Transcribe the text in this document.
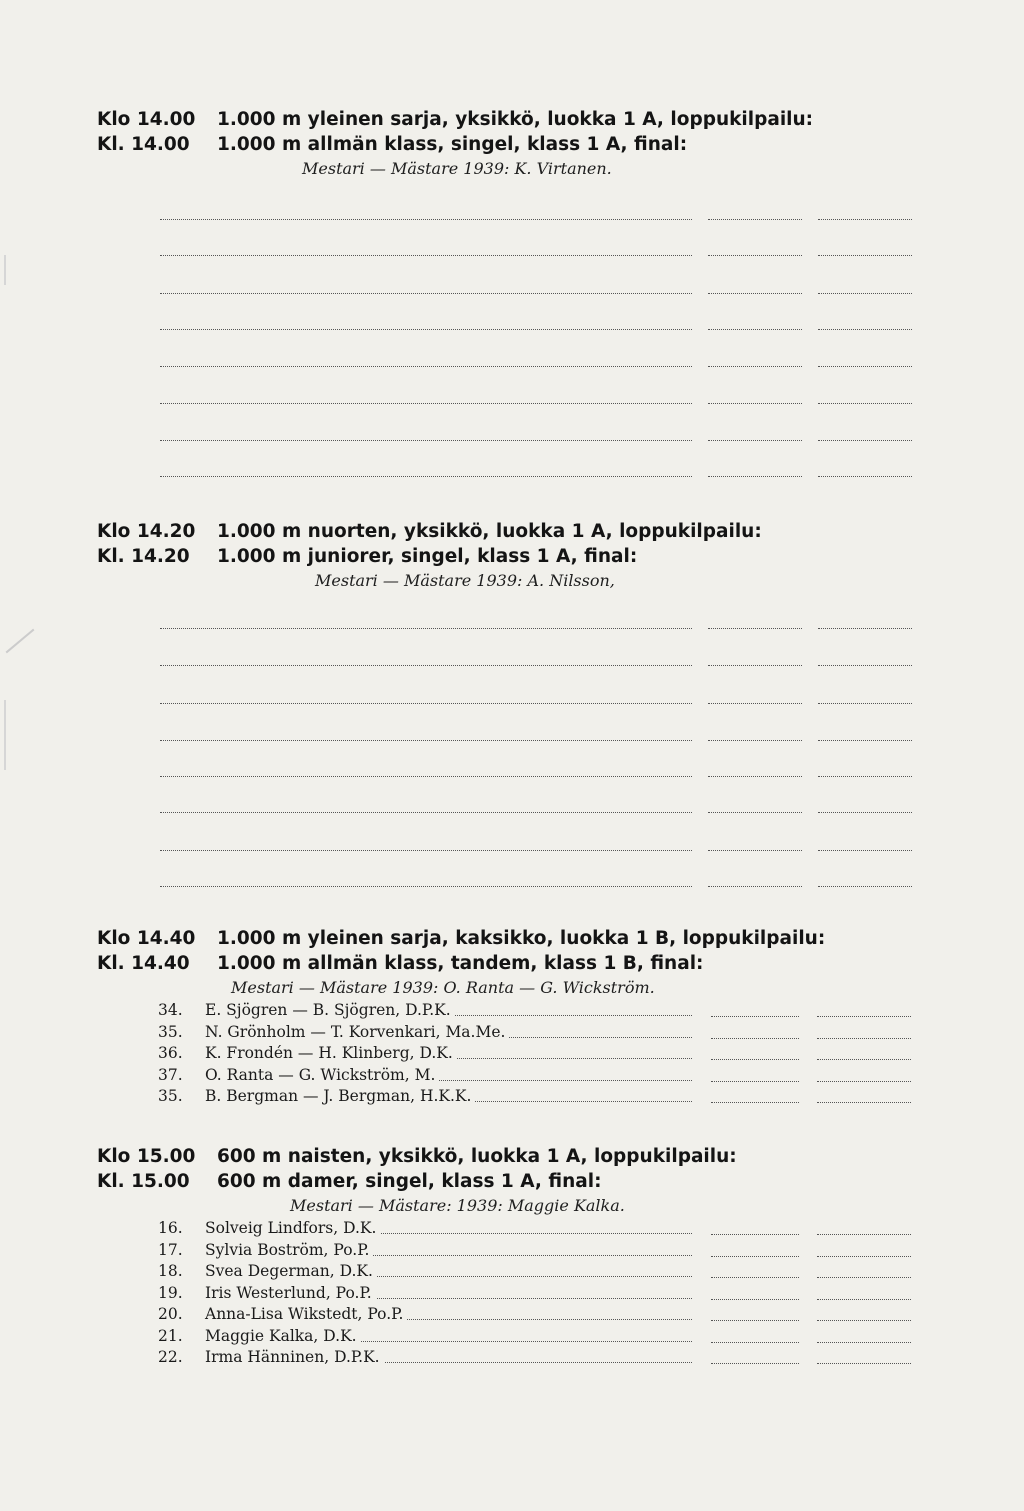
Klo 14.00 1.000 m yleinen sarja, yksikkö, luokka 1 A, loppukilpailu:
Kl. 14.00 1.000 m allmän klass, singel, klass 1 A, final:
Mestari — Mästare 1939: K. Virtanen.
Klo 14.20 1.000 m nuorten, yksikkö, luokka 1 A, loppukilpailu:
Kl. 14.20 1.000 m juniorer, singel, klass 1 A, final:
Mestari — Mästare 1939: A. Nilsson,
Klo 14.40 1.000 m yleinen sarja, kaksikko, luokka 1 B, loppukilpailu:
Kl. 14.40 1.000 m allmän klass, tandem, klass 1 B, final:
Mestari — Mästare 1939: O. Ranta — G. Wickström.
34.	E. Sjögren — B. Sjögren, D.P.K.
35.	N. Grönholm — T. Korvenkari, Ma.Me.
36.	K. Frondén — H. Klinberg, D.K.
37.	O. Ranta — G. Wickström, M.
35.	B. Bergman — J. Bergman, H.K.K.
Klo 15.00 600 m naisten, yksikkö, luokka 1 A, loppukilpailu:
Kl. 15.00 600 m damer, singel, klass 1 A, final:
Mestari — Mästare: 1939: Maggie Kalka.
16.	Solveig Lindfors, D.K.
17.	Sylvia Boström, Po.P.
18.	Svea Degerman, D.K.
19.	Iris Westerlund, Po.P.
20.	Anna-Lisa Wikstedt, Po.P.
21.	Maggie Kalka, D.K.
22.	Irma Hänninen, D.P.K.
